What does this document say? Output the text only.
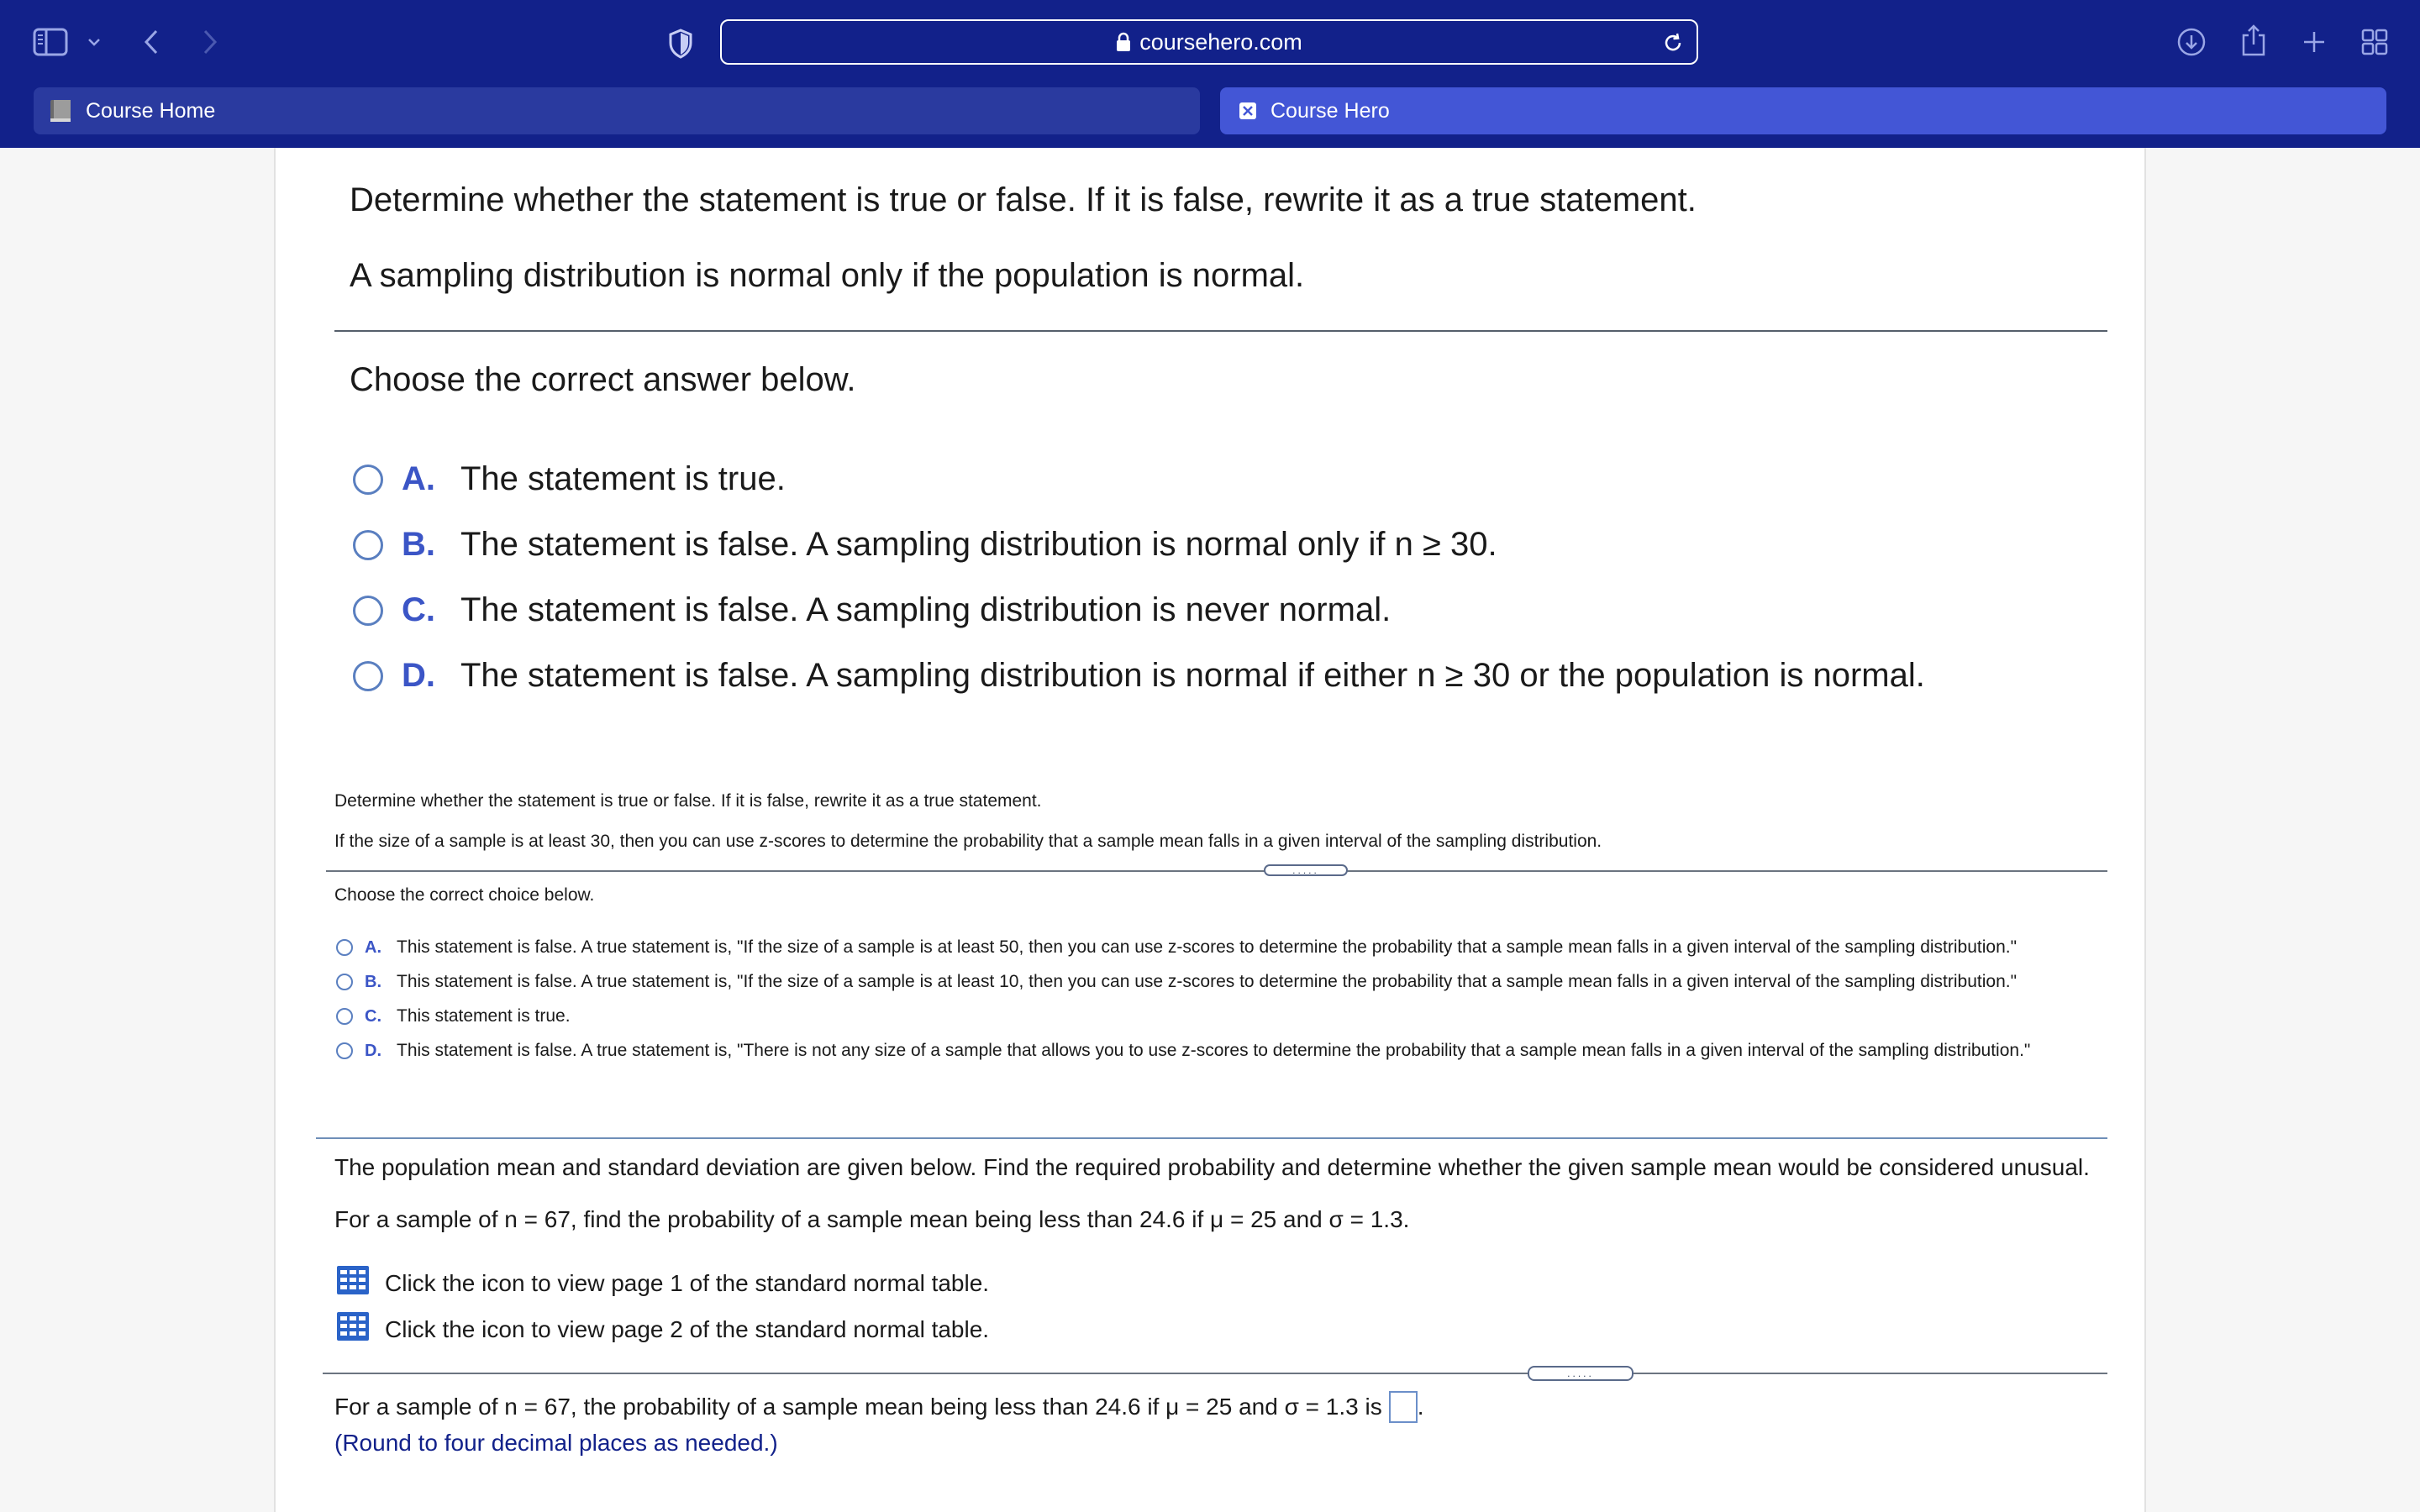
coursehero.com
Course Home	Course Hero
Determine whether the statement is true or false. If it is false, rewrite it as a true statement.
A sampling distribution is normal only if the population is normal.
Choose the correct answer below.
A. The statement is true.
B. The statement is false. A sampling distribution is normal only if n ≥ 30.
C. The statement is false. A sampling distribution is never normal.
D. The statement is false. A sampling distribution is normal if either n ≥ 30 or the population is normal.
Determine whether the statement is true or false. If it is false, rewrite it as a true statement.
If the size of a sample is at least 30, then you can use z-scores to determine the probability that a sample mean falls in a given interval of the sampling distribution.
.....
Choose the correct choice below.
A. This statement is false. A true statement is, "If the size of a sample is at least 50, then you can use z-scores to determine the probability that a sample mean falls in a given interval of the sampling distribution."
B. This statement is false. A true statement is, "If the size of a sample is at least 10, then you can use z-scores to determine the probability that a sample mean falls in a given interval of the sampling distribution."
C. This statement is true.
D. This statement is false. A true statement is, "There is not any size of a sample that allows you to use z-scores to determine the probability that a sample mean falls in a given interval of the sampling distribution."
The population mean and standard deviation are given below. Find the required probability and determine whether the given sample mean would be considered unusual.
For a sample of n = 67, find the probability of a sample mean being less than 24.6 if μ = 25 and σ = 1.3.
Click the icon to view page 1 of the standard normal table.
Click the icon to view page 2 of the standard normal table.
.....
For a sample of n = 67, the probability of a sample mean being less than 24.6 if μ = 25 and σ = 1.3 is .
(Round to four decimal places as needed.)
